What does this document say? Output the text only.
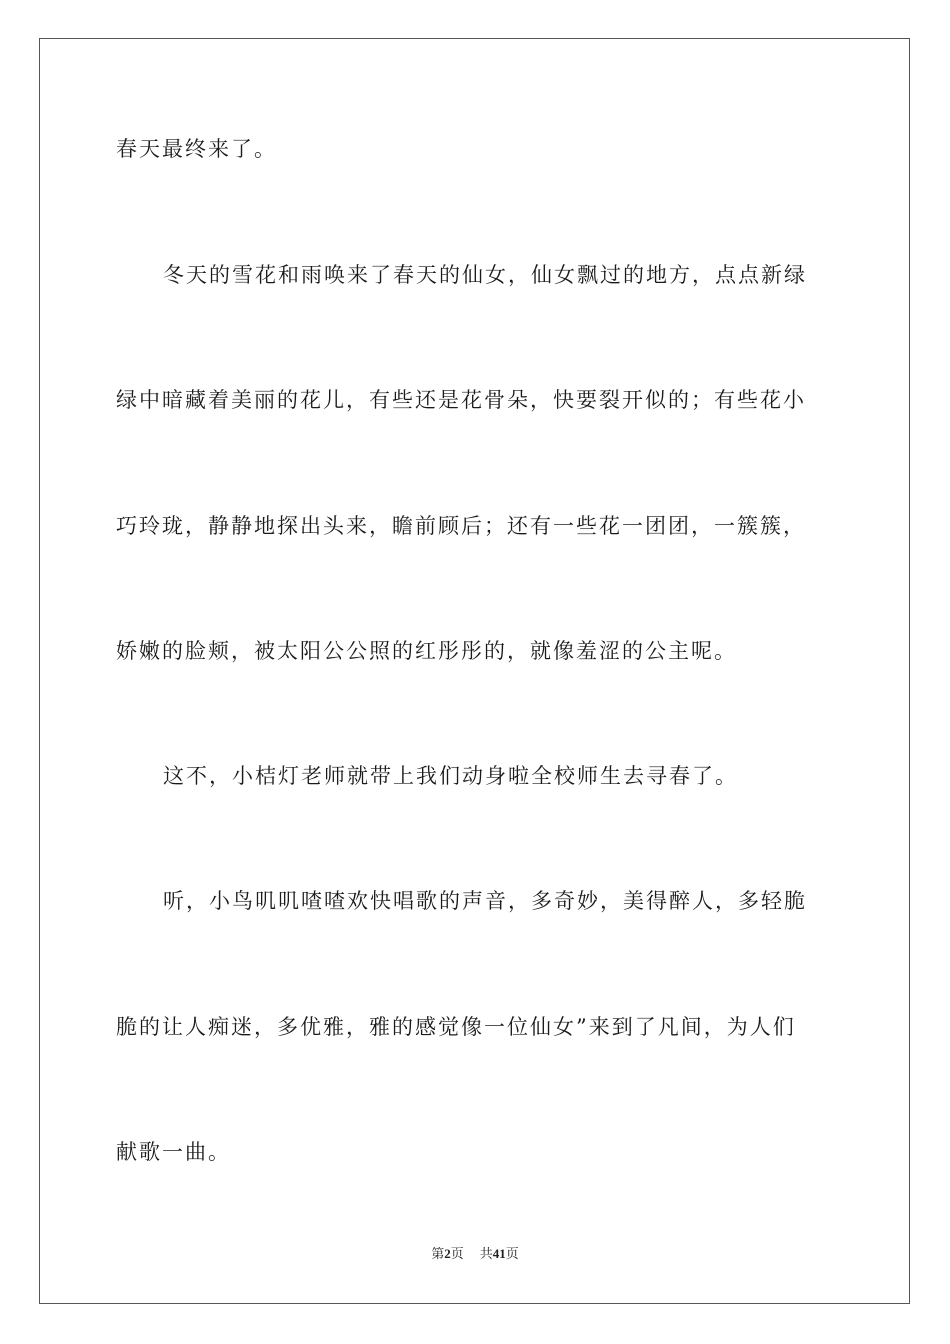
春天最终来了。
冬天的雪花和雨唤来了春天的仙女，仙女飘过的地方，点点新绿
绿中暗藏着美丽的花儿，有些还是花骨朵，快要裂开似的；有些花小
巧玲珑，静静地探出头来，瞻前顾后；还有一些花一团团，一簇簇，
娇嫩的脸颊，被太阳公公照的红彤彤的，就像羞涩的公主呢。
这不，小桔灯老师就带上我们动身啦全校师生去寻春了。
听，小鸟叽叽喳喳欢快唱歌的声音，多奇妙，美得醉人，多轻脆
脆的让人痴迷，多优雅，雅的感觉像一位仙女”来到了凡间，为人们
献歌一曲。
第2页 共41页
